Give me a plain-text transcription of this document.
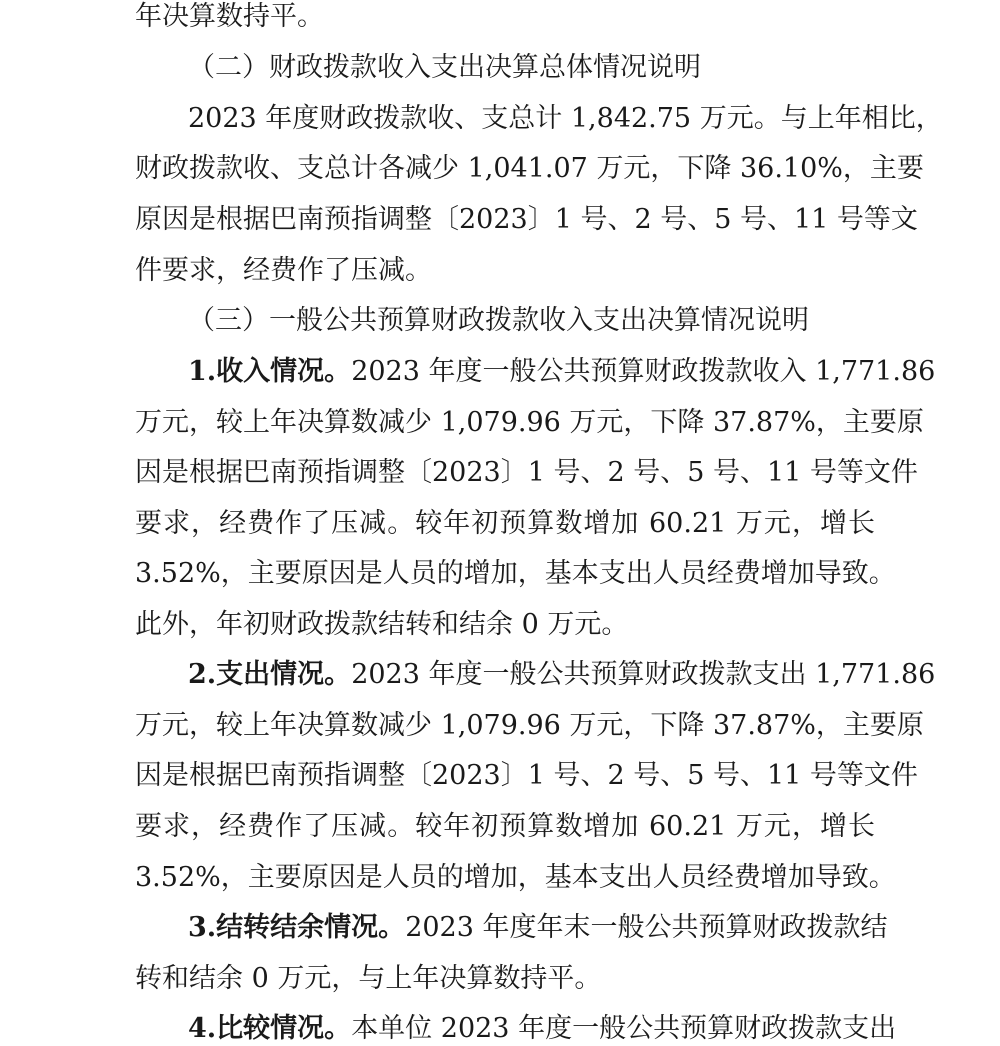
年决算数持平。
（二）财政拨款收入支出决算总体情况说明
2023 年度财政拨款收、支总计 1,842.75 万元。与上年相比，
财政拨款收、支总计各减少 1,041.07 万元，下降 36.10%，主要
原因是根据巴南预指调整〔2023〕1 号、2 号、5 号、11 号等文
件要求，经费作了压减。
（三）一般公共预算财政拨款收入支出决算情况说明
1.收入情况。2023 年度一般公共预算财政拨款收入 1,771.86
万元，较上年决算数减少 1,079.96 万元，下降 37.87%，主要原
因是根据巴南预指调整〔2023〕1 号、2 号、5 号、11 号等文件
要求，经费作了压减。较年初预算数增加 60.21 万元，增长
3.52%，主要原因是人员的增加，基本支出人员经费增加导致。
此外，年初财政拨款结转和结余 0 万元。
2.支出情况。2023 年度一般公共预算财政拨款支出 1,771.86
万元，较上年决算数减少 1,079.96 万元，下降 37.87%，主要原
因是根据巴南预指调整〔2023〕1 号、2 号、5 号、11 号等文件
要求，经费作了压减。较年初预算数增加 60.21 万元，增长
3.52%，主要原因是人员的增加，基本支出人员经费增加导致。
3.结转结余情况。2023 年度年末一般公共预算财政拨款结
转和结余 0 万元，与上年决算数持平。
4.比较情况。本单位 2023 年度一般公共预算财政拨款支出
